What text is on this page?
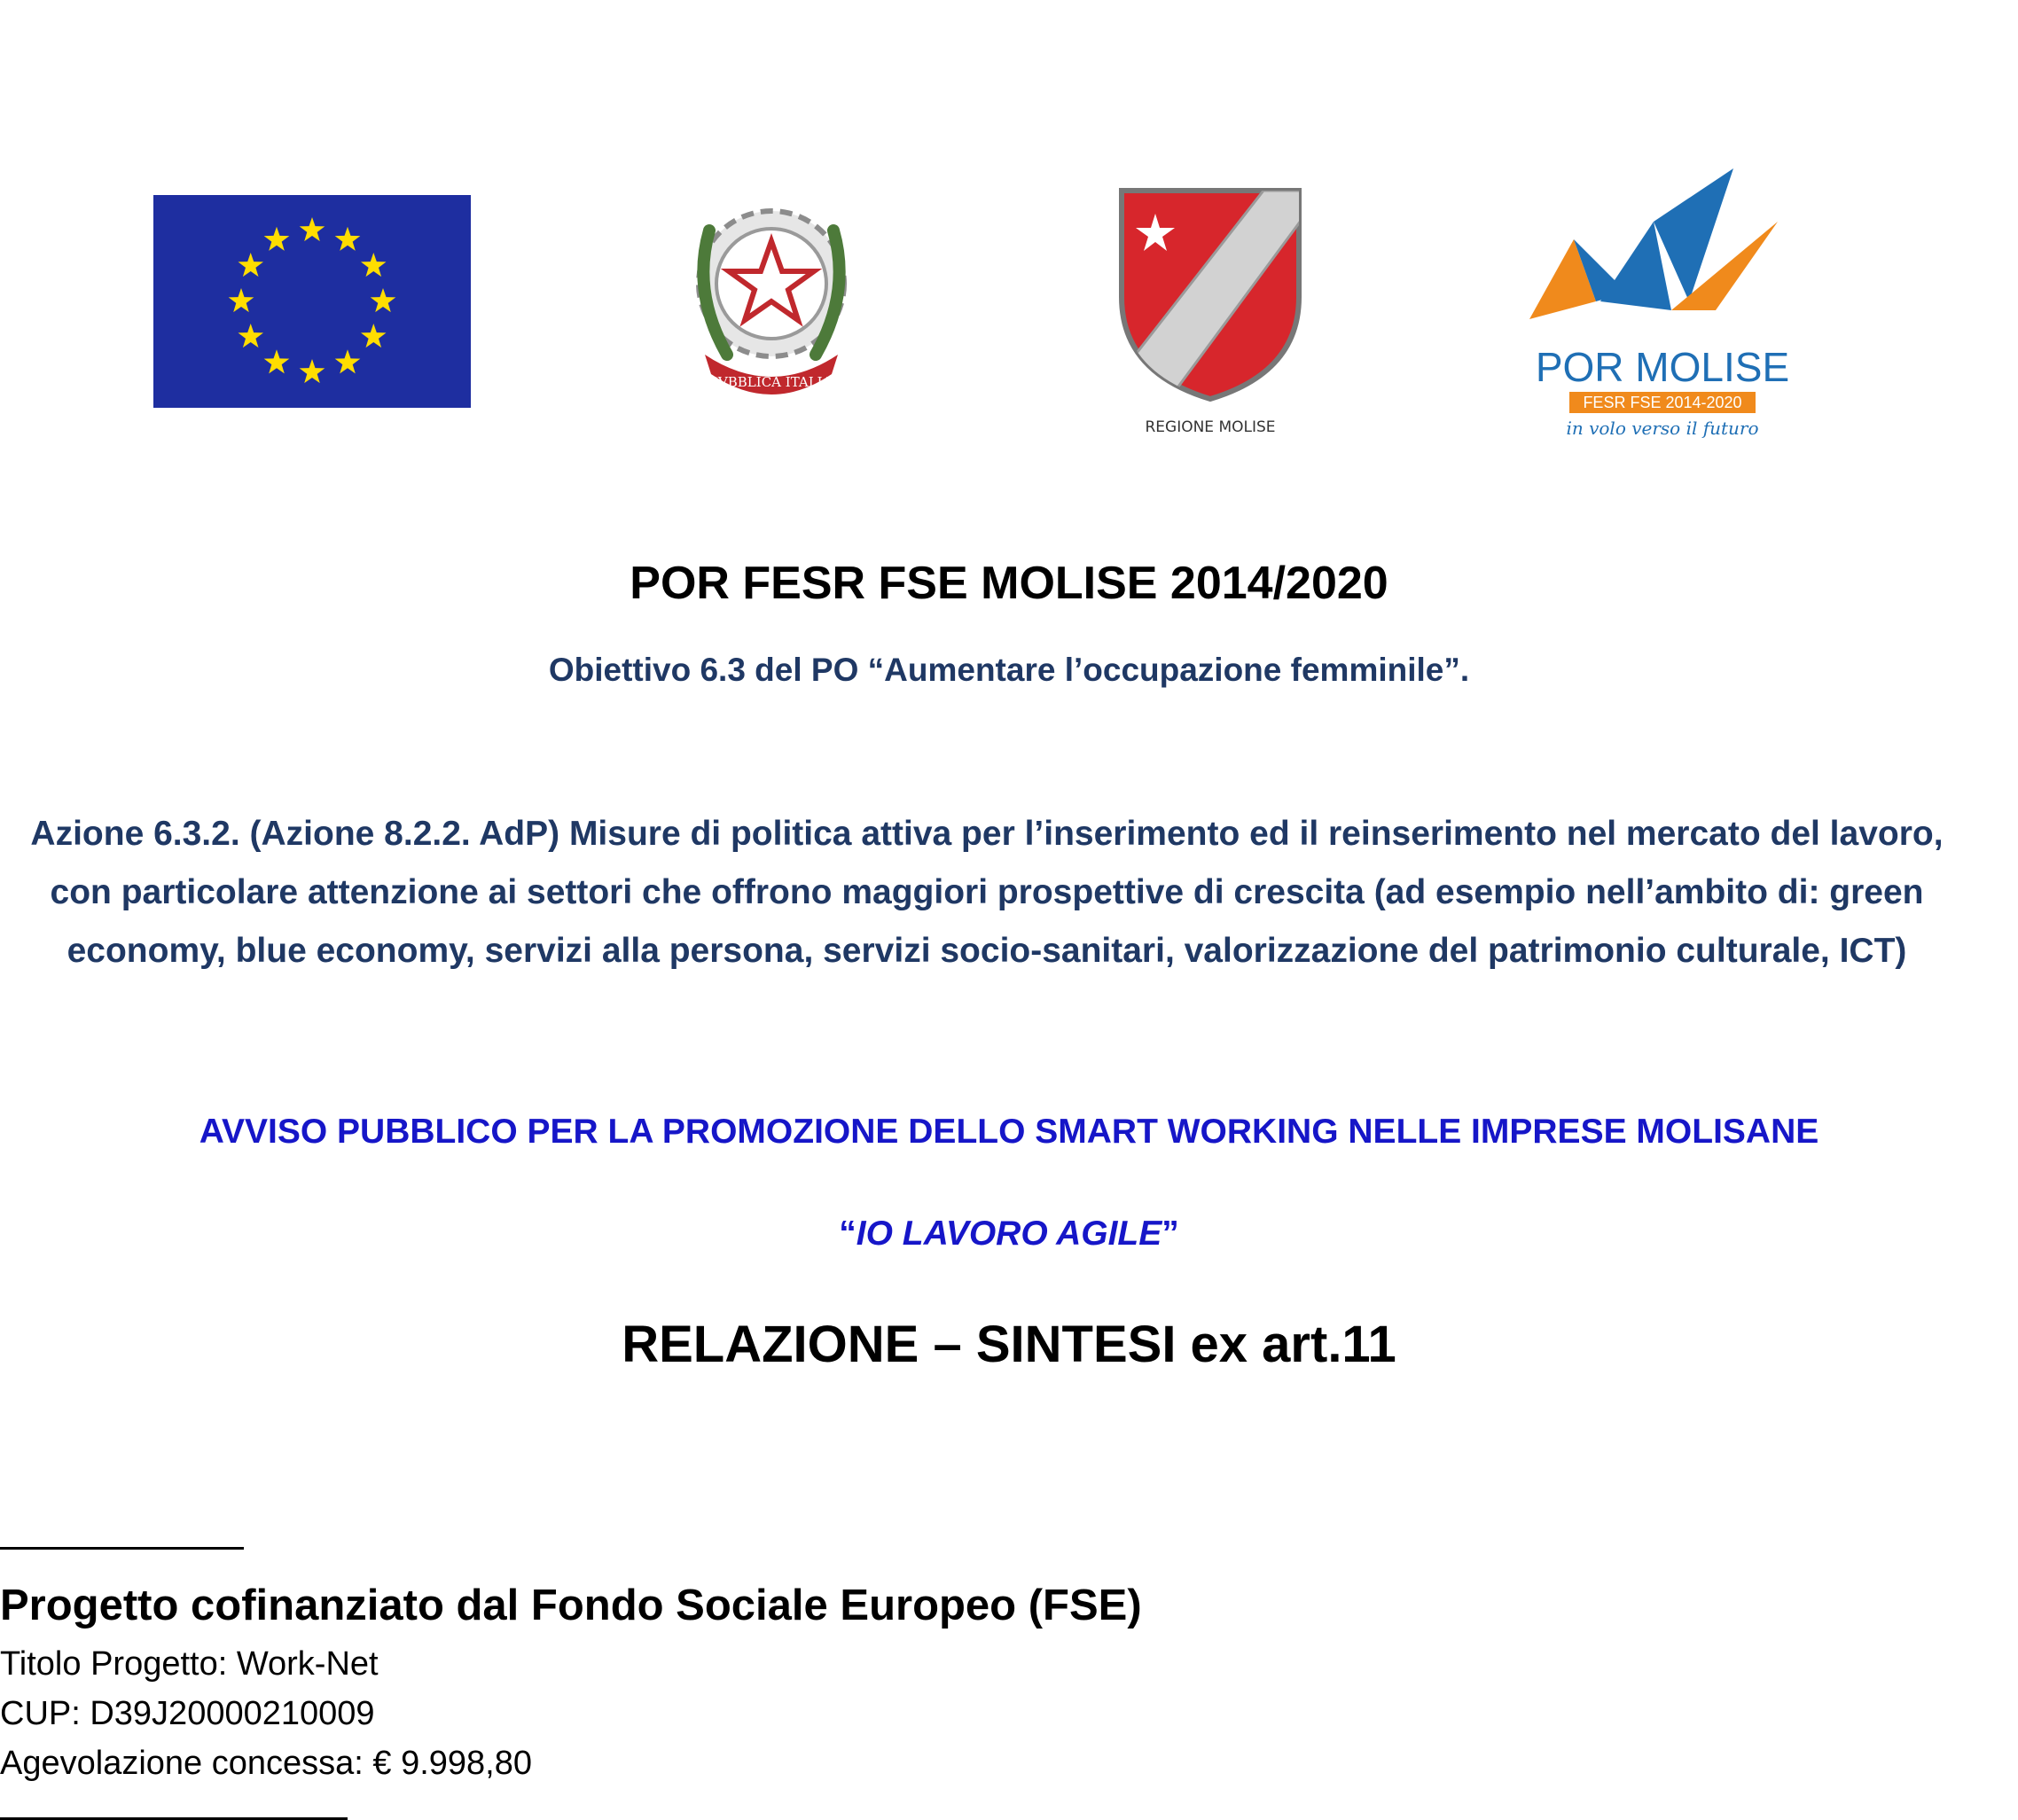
REPVBBLICA ITALIANA
REGIONE MOLISE
POR MOLISE
FESR FSE 2014-2020
in volo verso il futuro
POR FESR FSE MOLISE 2014/2020
Obiettivo 6.3 del PO “Aumentare l’occupazione femminile”.
Azione 6.3.2. (Azione 8.2.2. AdP) Misure di politica attiva per l’inserimento ed il reinserimento nel mercato del lavoro, con particolare attenzione ai settori che offrono maggiori prospettive di crescita (ad esempio nell’ambito di: green economy, blue economy, servizi alla persona, servizi socio-sanitari, valorizzazione del patrimonio culturale, ICT)
AVVISO PUBBLICO PER LA PROMOZIONE DELLO SMART WORKING NELLE IMPRESE MOLISANE
“IO LAVORO AGILE”
RELAZIONE – SINTESI ex art.11
Progetto cofinanziato dal Fondo Sociale Europeo (FSE)
Titolo Progetto: Work-Net
CUP: D39J20000210009
Agevolazione concessa: € 9.998,80
